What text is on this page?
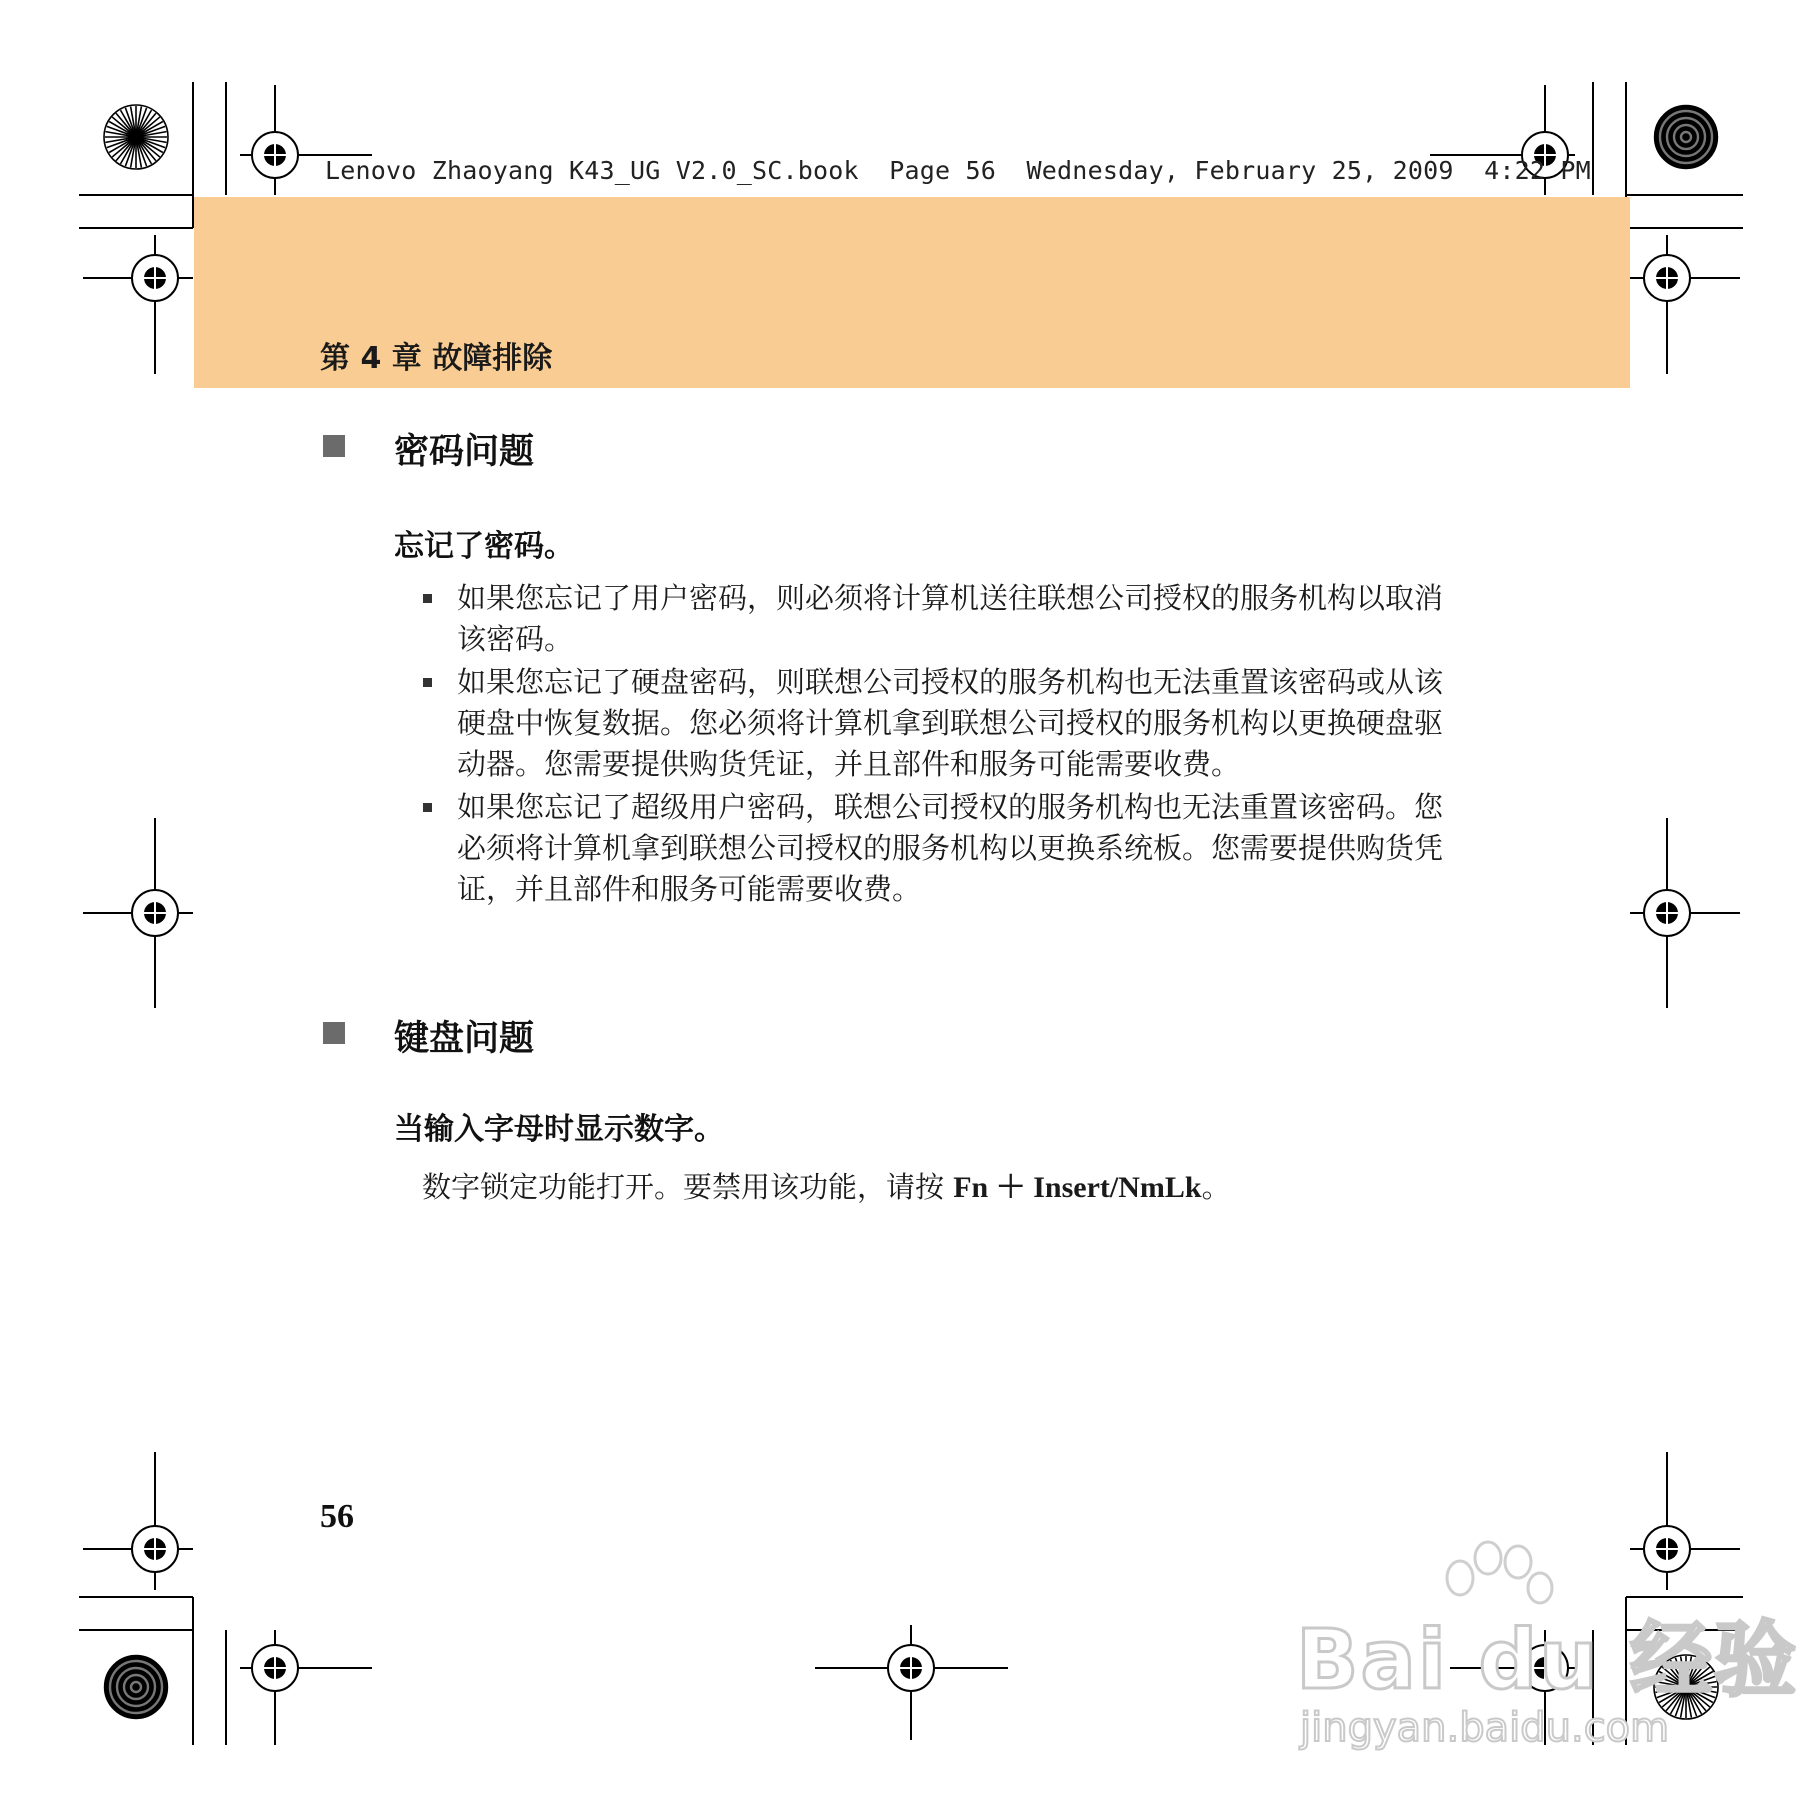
Lenovo Zhaoyang K43_UG V2.0_SC.book  Page 56  Wednesday, February 25, 2009  4:22 PM
第 4 章 故障排除
密码问题
忘记了密码。
如果您忘记了用户密码，则必须将计算机送往联想公司授权的服务机构以取消该密码。
如果您忘记了硬盘密码，则联想公司授权的服务机构也无法重置该密码或从该硬盘中恢复数据。您必须将计算机拿到联想公司授权的服务机构以更换硬盘驱动器。您需要提供购货凭证，并且部件和服务可能需要收费。
如果您忘记了超级用户密码，联想公司授权的服务机构也无法重置该密码。您必须将计算机拿到联想公司授权的服务机构以更换系统板。您需要提供购货凭证，并且部件和服务可能需要收费。
键盘问题
当输入字母时显示数字。
数字锁定功能打开。要禁用该功能，请按 Fn ＋ Insert/NmLk。
56
Bai du 经验
jingyan.baidu.com
